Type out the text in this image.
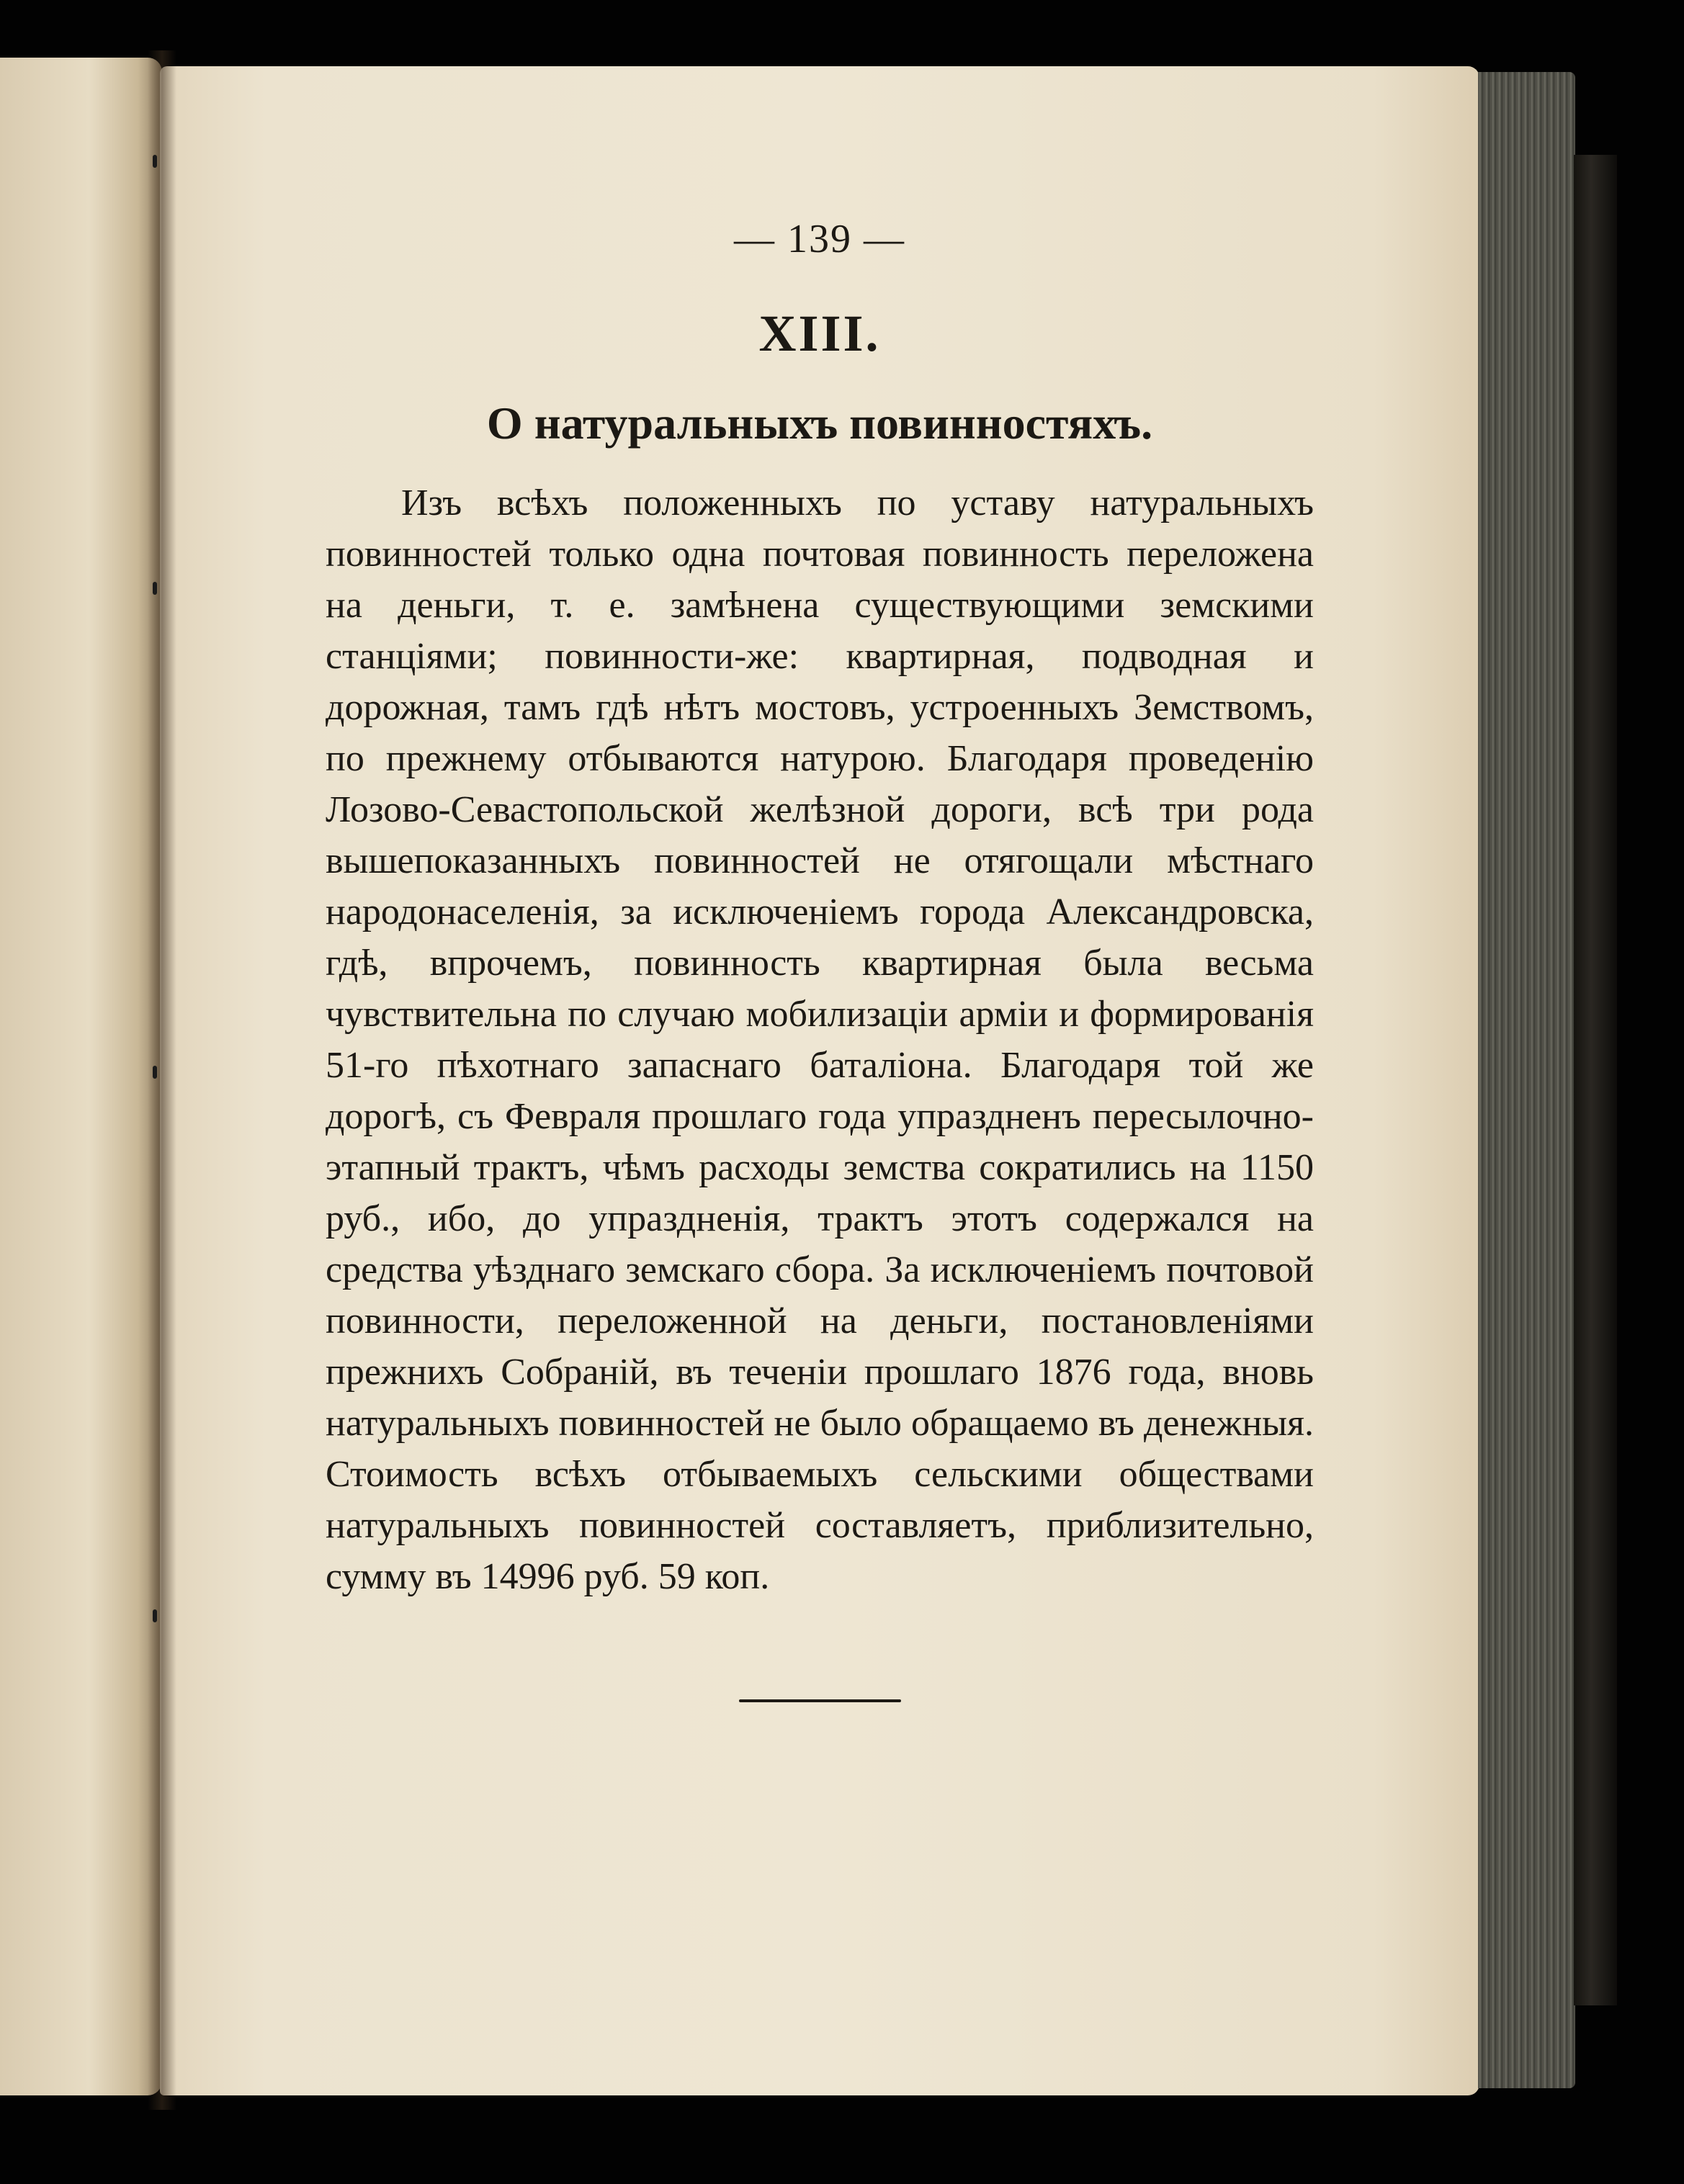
— 139 —
XIII.
О натуральныхъ повинностяхъ.

Изъ всѣхъ положенныхъ по уставу натуральныхъ повинностей только одна почтовая повинность переложена на деньги, т. е. замѣнена существующими земскими станціями; повинности-же: квартирная, подводная и дорожная, тамъ гдѣ нѣтъ мостовъ, устроенныхъ Земствомъ, по прежнему отбываются натурою. Благодаря проведенію Лозово-Севастопольской желѣзной дороги, всѣ три рода вышепоказанныхъ повинностей не отягощали мѣстнаго народонаселенія, за исключеніемъ города Александровска, гдѣ, впрочемъ, повинность квартирная была весьма чувствительна по случаю мобилизаціи арміи и формированія 51-го пѣхотнаго запаснаго баталіона. Благодаря той же дорогѣ, съ Февраля прошлаго года упраздненъ пересылочно-этапный трактъ, чѣмъ расходы земства сократились на 1150 руб., ибо, до упраздненія, трактъ этотъ содержался на средства уѣзднаго земскаго сбора. За исключеніемъ почтовой повинности, переложенной на деньги, постановленіями прежнихъ Собраній, въ теченіи прошлаго 1876 года, вновь натуральныхъ повинностей не было обращаемо въ денежныя. Стоимость всѣхъ отбываемыхъ сельскими обществами натуральныхъ повинностей составляетъ, приблизительно, сумму въ 14996 руб. 59 коп.
